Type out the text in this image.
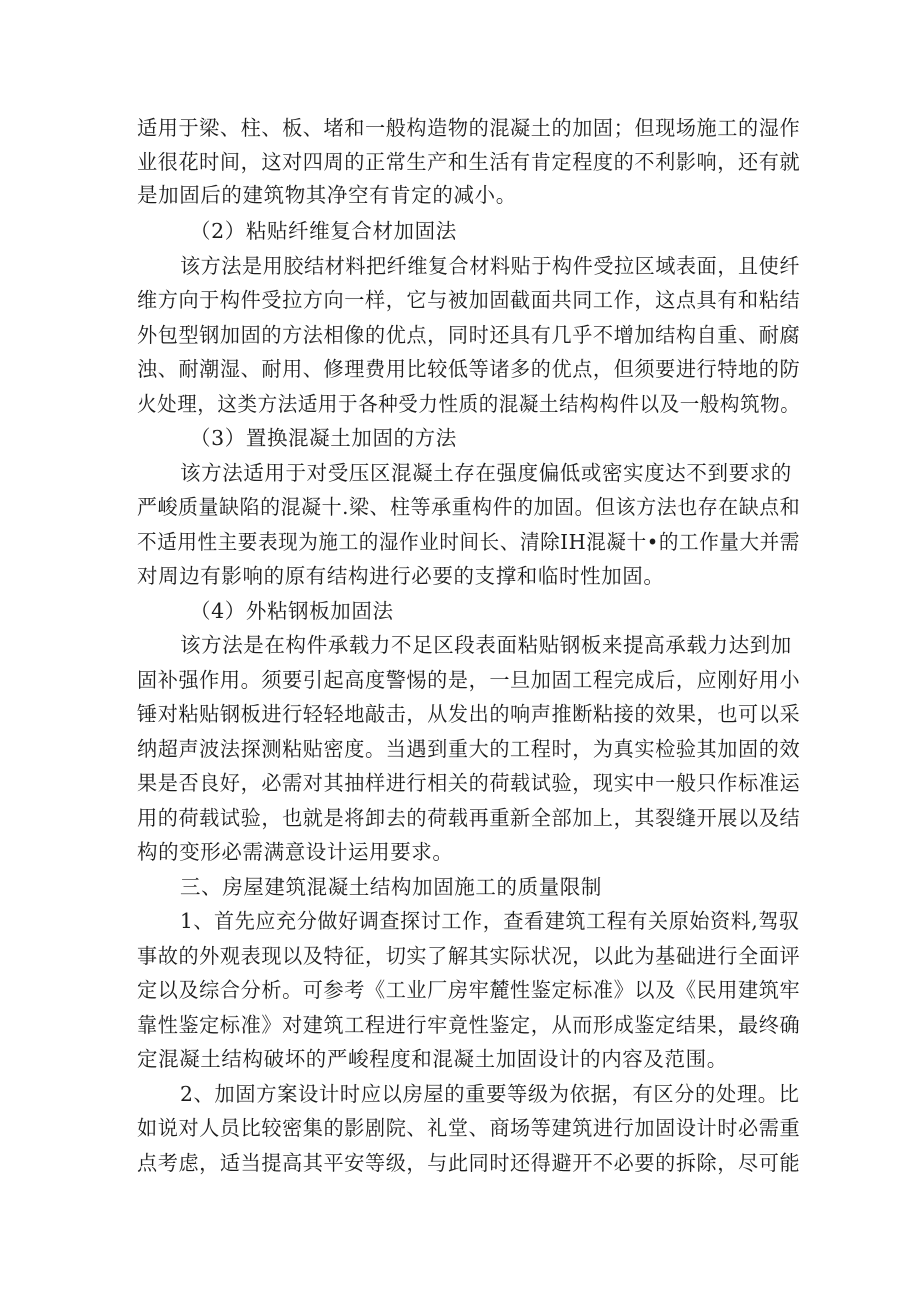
适用于梁、柱、板、堵和一般构造物的混凝土的加固；但现场施工的湿作
业很花时间，这对四周的正常生产和生活有肯定程度的不利影响，还有就
是加固后的建筑物其净空有肯定的减小。
（2）粘贴纤维复合材加固法
该方法是用胶结材料把纤维复合材料贴于构件受拉区域表面，且使纤
维方向于构件受拉方向一样，它与被加固截面共同工作，这点具有和粘结
外包型钢加固的方法相像的优点，同时还具有几乎不增加结构自重、耐腐
浊、耐潮湿、耐用、修理费用比较低等诸多的优点，但须要进行特地的防
火处理，这类方法适用于各种受力性质的混凝土结构构件以及一般构筑物。
（3）置换混凝土加固的方法
该方法适用于对受压区混凝土存在强度偏低或密实度达不到要求的
严峻质量缺陷的混凝十.梁、柱等承重构件的加固。但该方法也存在缺点和
不适用性主要表现为施工的湿作业时间长、清除IH混凝十•的工作量大并需
对周边有影响的原有结构进行必要的支撑和临时性加固。
（4）外粘钢板加固法
该方法是在构件承载力不足区段表面粘贴钢板来提高承载力达到加
固补强作用。须要引起高度警惕的是，一旦加固工程完成后，应刚好用小
锤对粘贴钢板进行轻轻地敲击，从发出的响声推断粘接的效果，也可以采
纳超声波法探测粘贴密度。当遇到重大的工程时，为真实检验其加固的效
果是否良好，必需对其抽样进行相关的荷载试验，现实中一般只作标准运
用的荷载试验，也就是将卸去的荷载再重新全部加上，其裂缝开展以及结
构的变形必需满意设计运用要求。
三、房屋建筑混凝土结构加固施工的质量限制
1、首先应充分做好调查探讨工作，查看建筑工程有关原始资料,驾驭
事故的外观表现以及特征，切实了解其实际状况，以此为基础进行全面评
定以及综合分析。可参考《工业厂房牢麓性鉴定标准》以及《民用建筑牢
靠性鉴定标准》对建筑工程进行牢竟性鉴定，从而形成鉴定结果，最终确
定混凝土结构破坏的严峻程度和混凝土加固设计的内容及范围。
2、加固方案设计时应以房屋的重要等级为依据，有区分的处理。比
如说对人员比较密集的影剧院、礼堂、商场等建筑进行加固设计时必需重
点考虑，适当提高其平安等级，与此同时还得避开不必要的拆除，尽可能
